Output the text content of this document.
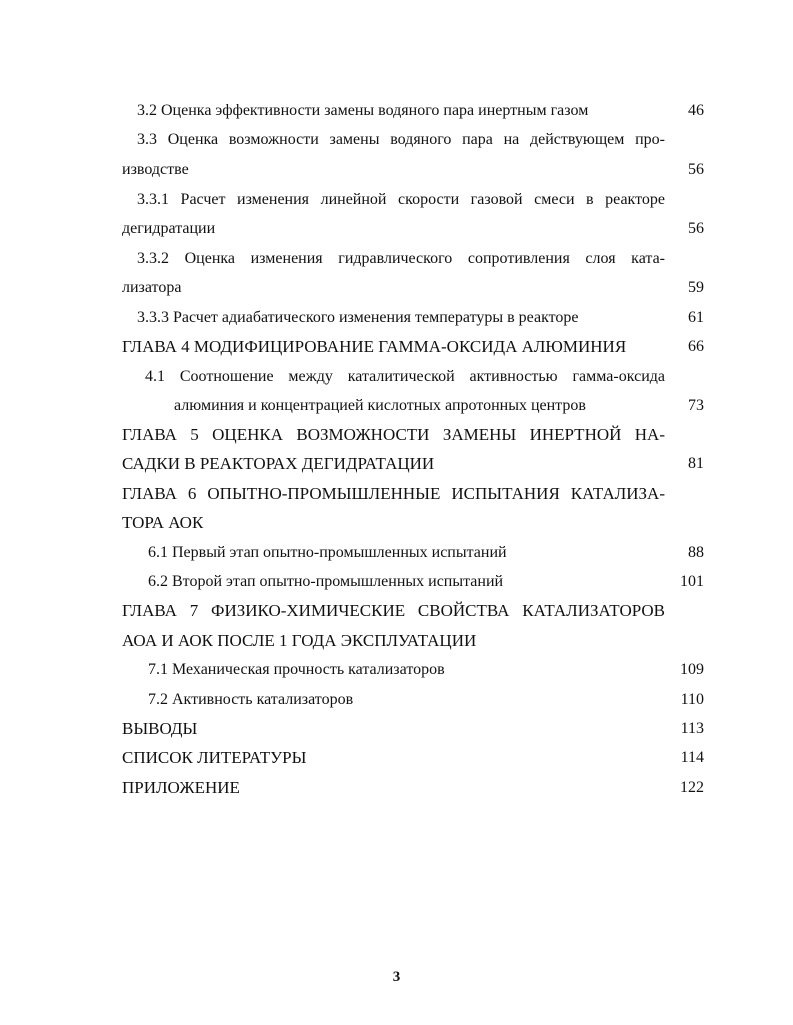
3.2 Оценка эффективности замены водяного пара инертным газом	46
3.3 Оценка возможности замены водяного пара на действующем про-
изводстве	56
3.3.1 Расчет изменения линейной скорости газовой смеси в реакторе
дегидратации	56
3.3.2 Оценка изменения гидравлического сопротивления слоя ката-
лизатора	59
3.3.3 Расчет адиабатического изменения температуры в реакторе	61
ГЛАВА 4 МОДИФИЦИРОВАНИЕ ГАММА-ОКСИДА АЛЮМИНИЯ	66
4.1 Соотношение между каталитической активностью гамма-оксида
алюминия и концентрацией кислотных апротонных центров	73
ГЛАВА 5 ОЦЕНКА ВОЗМОЖНОСТИ ЗАМЕНЫ ИНЕРТНОЙ НА-
САДКИ В РЕАКТОРАХ ДЕГИДРАТАЦИИ	81
ГЛАВА 6 ОПЫТНО-ПРОМЫШЛЕННЫЕ ИСПЫТАНИЯ КАТАЛИЗА-
ТОРА АОК
6.1 Первый этап опытно-промышленных испытаний	88
6.2 Второй этап опытно-промышленных испытаний	101
ГЛАВА 7 ФИЗИКО-ХИМИЧЕСКИЕ СВОЙСТВА КАТАЛИЗАТОРОВ
АОА И АОК ПОСЛЕ 1 ГОДА ЭКСПЛУАТАЦИИ
7.1 Механическая прочность катализаторов	109
7.2 Активность катализаторов	110
ВЫВОДЫ	113
СПИСОК ЛИТЕРАТУРЫ	114
ПРИЛОЖЕНИЕ	122
3
